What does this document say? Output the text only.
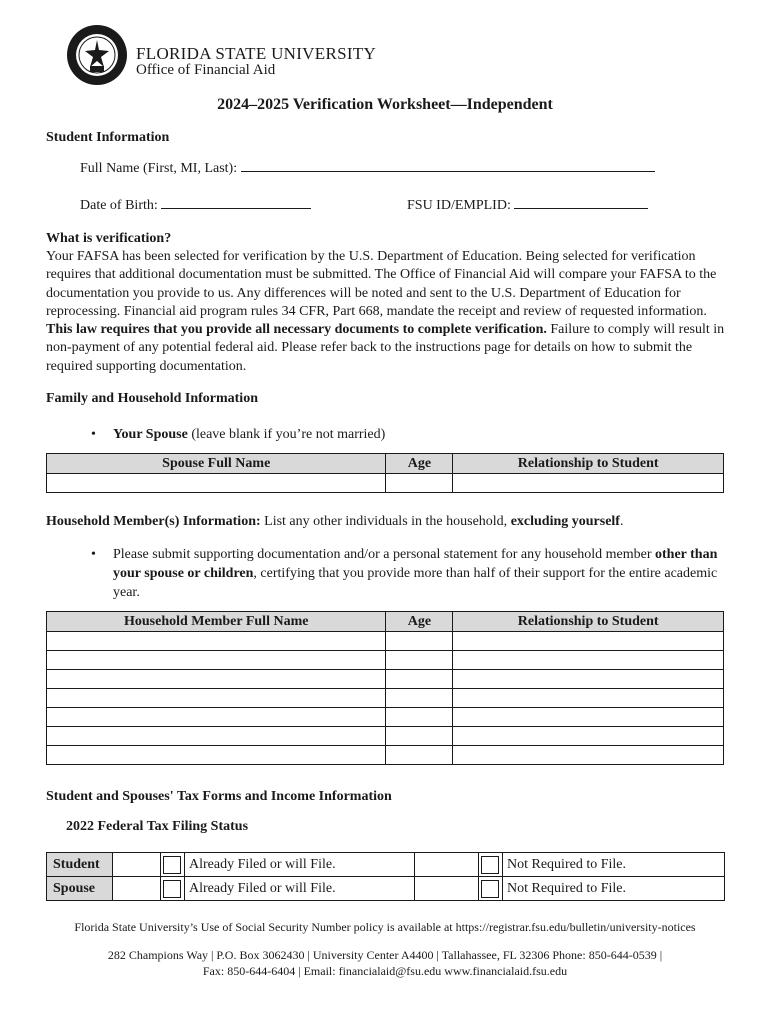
FLORIDA STATE UNIVERSITY
Office of Financial Aid
2024–2025 Verification Worksheet—Independent
Student Information
Full Name (First, MI, Last):
Date of Birth:	FSU ID/EMPLID:
What is verification?
Your FAFSA has been selected for verification by the U.S. Department of Education. Being selected for verification requires that additional documentation must be submitted. The Office of Financial Aid will compare your FAFSA to the documentation you provide to us. Any differences will be noted and sent to the U.S. Department of Education for reprocessing. Financial aid program rules 34 CFR, Part 668, mandate the receipt and review of requested information. This law requires that you provide all necessary documents to complete verification. Failure to comply will result in non-payment of any potential federal aid. Please refer back to the instructions page for details on how to submit the required supporting documentation.
Family and Household Information
• Your Spouse (leave blank if you’re not married)
Spouse Full Name	Age	Relationship to Student

Household Member(s) Information: List any other individuals in the household, excluding yourself.
• Please submit supporting documentation and/or a personal statement for any household member other than your spouse or children, certifying that you provide more than half of their support for the entire academic year.
Household Member Full Name	Age	Relationship to Student

Student and Spouses' Tax Forms and Income Information
2022 Federal Tax Filing Status
Student			Already Filed or will File.			Not Required to File.
Spouse			Already Filed or will File.			Not Required to File.
Florida State University’s Use of Social Security Number policy is available at https://registrar.fsu.edu/bulletin/university-notices
282 Champions Way | P.O. Box 3062430 | University Center A4400 | Tallahassee, FL 32306 Phone: 850-644-0539 |
Fax: 850-644-6404 | Email: financialaid@fsu.edu www.financialaid.fsu.edu
